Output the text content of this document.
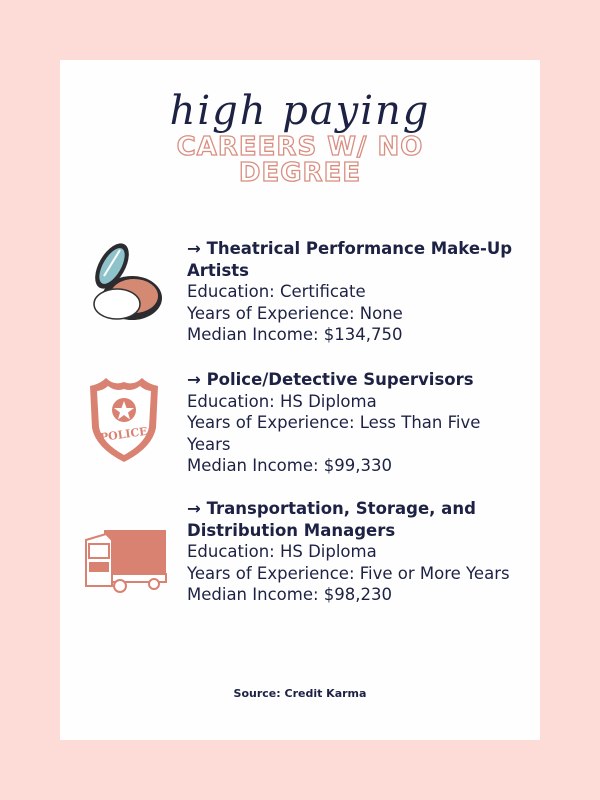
high paying
CAREERS W/ NO
DEGREE
POLICE
→ Theatrical Performance Make-Up Artists
Education: Certificate
Years of Experience: None
Median Income: $134,750
→ Police/Detective Supervisors
Education: HS Diploma
Years of Experience: Less Than Five Years
Median Income: $99,330
→ Transportation, Storage, and Distribution Managers
Education: HS Diploma
Years of Experience: Five or More Years
Median Income: $98,230
Source: Credit Karma
